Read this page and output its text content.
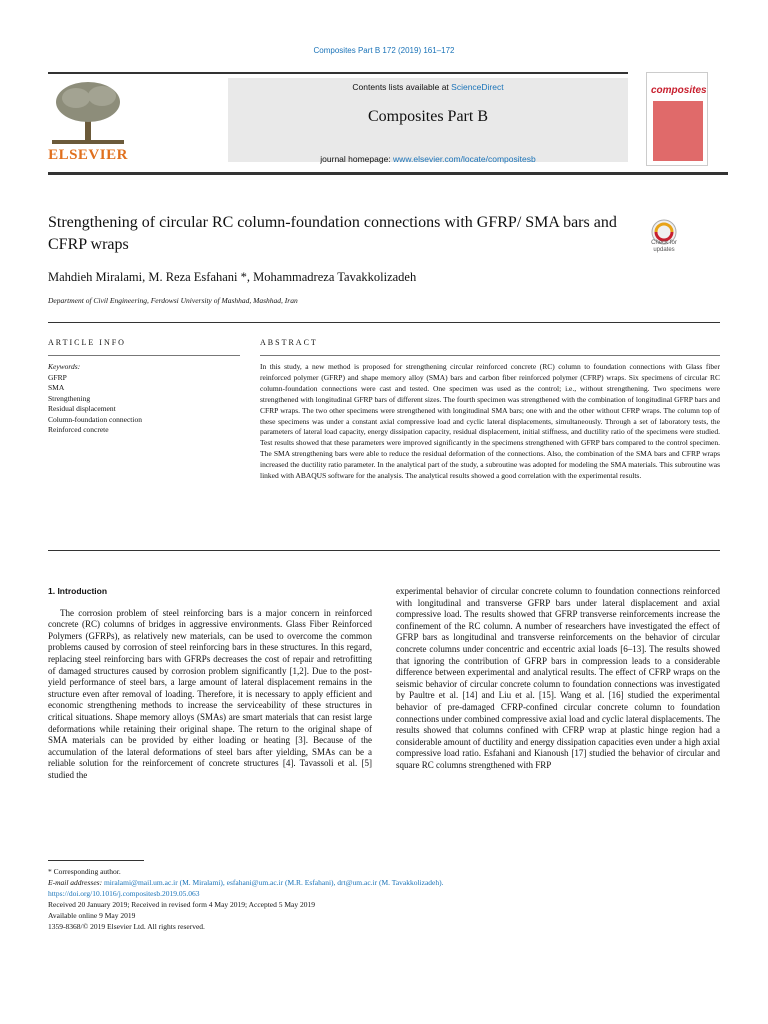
Composites Part B 172 (2019) 161–172
ELSEVIER
Contents lists available at ScienceDirect
Composites Part B
journal homepage: www.elsevier.com/locate/compositesb
composites
Strengthening of circular RC column-foundation connections with GFRP/ SMA bars and CFRP wraps	Check for updates
Mahdieh Miralami, M. Reza Esfahani *, Mohammadreza Tavakkolizadeh
Department of Civil Engineering, Ferdowsi University of Mashhad, Mashhad, Iran
ARTICLE INFO	ABSTRACT
Keywords:
GFRP
SMA
Strengthening
Residual displacement
Column-foundation connection
Reinforced concrete
In this study, a new method is proposed for strengthening circular reinforced concrete (RC) column to foundation connections with Glass fiber reinforced polymer (GFRP) and shape memory alloy (SMA) bars and carbon fiber reinforced polymer (CFRP) wraps. Six specimens of circular RC column-foundation connections were cast and tested. One specimen was used as the control; i.e., without strengthening. Two specimens were strengthened with longitudinal GFRP bars of different sizes. The fourth specimen was strengthened with the combination of longitudinal GFRP bars and CFRP wraps. The two other specimens were strengthened with longitudinal SMA bars; one with and the other without CFRP wraps. The column top of these specimens was under a constant axial compressive load and cyclic lateral displacements, simultaneously. Through a set of laboratory tests, the parameters of lateral load capacity, energy dissipation capacity, residual displacement, initial stiffness, and ductility ratio of the specimens were studied. Test results showed that these parameters were improved significantly in the specimens strengthened with GFRP bars compared to the control specimen. The SMA strengthening bars were able to reduce the residual deformation of the connections. Also, the combination of the SMA bars and CFRP wraps increased the ductility ratio parameter. In the analytical part of the study, a subroutine was adopted for modeling the SMA materials. This subroutine was linked with ABAQUS software for the analysis. The analytical results showed a good correlation with the experimental results.
1. Introduction
The corrosion problem of steel reinforcing bars is a major concern in reinforced concrete (RC) columns of bridges in aggressive environments. Glass Fiber Reinforced Polymers (GFRPs), as relatively new materials, can be used to overcome the common problems caused by corrosion of steel reinforcing bars in these structures. In this regard, replacing steel reinforcing bars with GFRPs decreases the cost of repair and retrofitting of damaged structures caused by corrosion problem significantly [1,2]. Due to the post-yield performance of steel bars, a large amount of lateral displacement remains in the structure even after removal of loading. Therefore, it is necessary to apply efficient and economic strengthening methods to increase the serviceability of these structures in critical situations. Shape memory alloys (SMAs) are smart materials that can resist large deformations while retaining their original shape. The return to the original shape of SMA materials can be provided by either loading or heating [3]. Because of the accumulation of the lateral deformations of steel bars after yielding, SMAs can be a reliable solution for the reinforcement of concrete structures [4]. Tavassoli et al. [5] studied the
experimental behavior of circular concrete column to foundation connections reinforced with longitudinal and transverse GFRP bars under lateral displacement and axial compressive load. The results showed that GFRP transverse reinforcements increase the confinement of the RC column. A number of researchers have investigated the effect of GFRP bars as longitudinal and transverse reinforcements on the behavior of circular concrete columns under concentric and eccentric axial loads [6–13]. The results showed that ignoring the contribution of GFRP bars in compression leads to a considerable difference between experimental and analytical results. The effect of CFRP wraps on the seismic behavior of circular concrete column to foundation connections was investigated by Paultre et al. [14] and Liu et al. [15]. Wang et al. [16] studied the experimental behavior of pre-damaged CFRP-confined circular concrete column to foundation connections under combined compressive axial load and cyclic lateral displacements. The results showed that columns confined with CFRP wrap at plastic hinge region had a considerable amount of ductility and energy dissipation capacities even under a high axial compressive load ratio. Esfahani and Kianoush [17] studied the behavior of circular and square RC columns strengthened with FRP
* Corresponding author.
E-mail addresses: miralami@mail.um.ac.ir (M. Miralami), esfahani@um.ac.ir (M.R. Esfahani), drt@um.ac.ir (M. Tavakkolizadeh).
https://doi.org/10.1016/j.compositesb.2019.05.063
Received 20 January 2019; Received in revised form 4 May 2019; Accepted 5 May 2019
Available online 9 May 2019
1359-8368/© 2019 Elsevier Ltd. All rights reserved.
